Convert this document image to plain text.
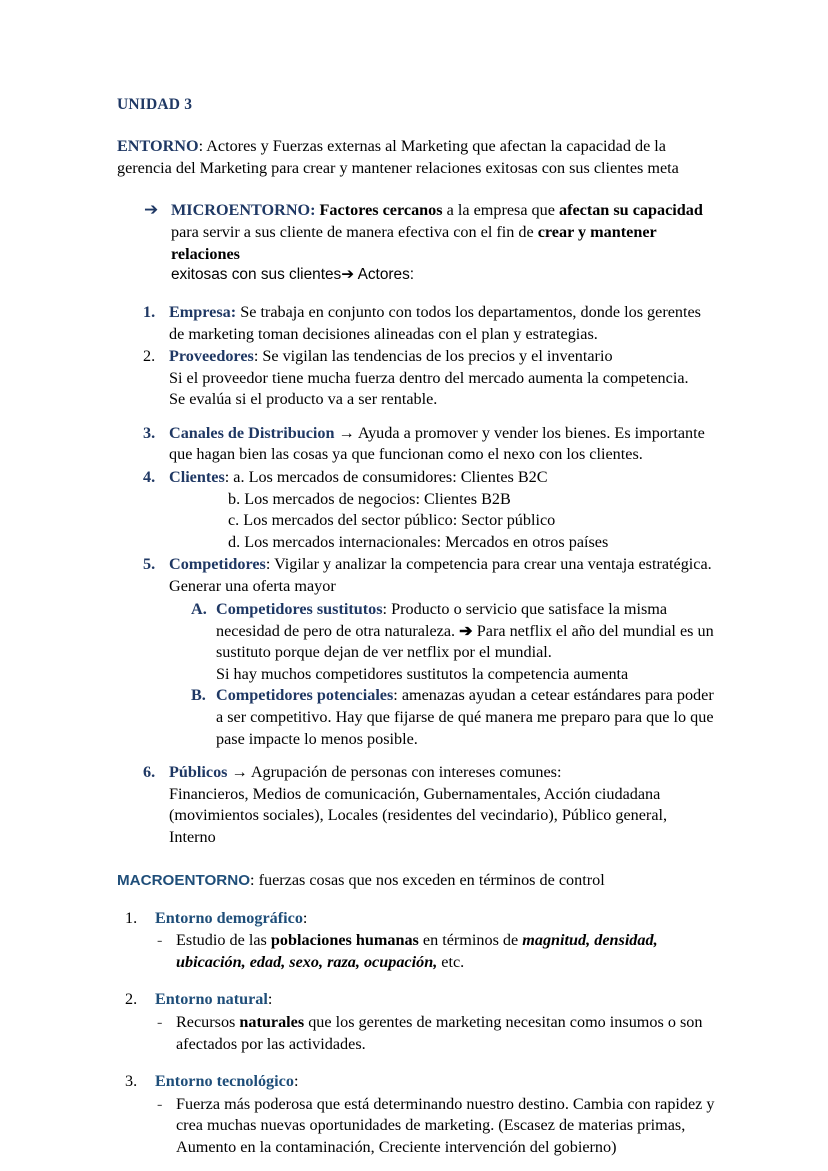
UNIDAD 3

ENTORNO: Actores y Fuerzas externas al Marketing que afectan la capacidad de la gerencia del Marketing para crear y mantener relaciones exitosas con sus clientes meta

➔ MICROENTORNO: Factores cercanos a la empresa que afectan su capacidad para servir a sus cliente de manera efectiva con el fin de crear y mantener relaciones
exitosas con sus clientes➔ Actores:
1. Empresa: Se trabaja en conjunto con todos los departamentos, donde los gerentes de marketing toman decisiones alineadas con el plan y estrategias.
2. Proveedores: Se vigilan las tendencias de los precios y el inventario
Si el proveedor tiene mucha fuerza dentro del mercado aumenta la competencia.
Se evalúa si el producto va a ser rentable.
3. Canales de Distribucion → Ayuda a promover y vender los bienes. Es importante que hagan bien las cosas ya que funcionan como el nexo con los clientes.
4. Clientes: a. Los mercados de consumidores: Clientes B2C
b. Los mercados de negocios: Clientes B2B
c. Los mercados del sector público: Sector público
d. Los mercados internacionales: Mercados en otros países
5. Competidores: Vigilar y analizar la competencia para crear una ventaja estratégica.
Generar una oferta mayor
A. Competidores sustitutos: Producto o servicio que satisface la misma necesidad de pero de otra naturaleza. ➔ Para netflix el año del mundial es un sustituto porque dejan de ver netflix por el mundial.
Si hay muchos competidores sustitutos la competencia aumenta
B. Competidores potenciales: amenazas ayudan a cetear estándares para poder a ser competitivo. Hay que fijarse de qué manera me preparo para que lo que pase impacte lo menos posible.
6. Públicos → Agrupación de personas con intereses comunes:
Financieros, Medios de comunicación, Gubernamentales, Acción ciudadana
(movimientos sociales), Locales (residentes del vecindario), Público general, Interno

MACROENTORNO: fuerzas cosas que nos exceden en términos de control

1. Entorno demográfico:
- Estudio de las poblaciones humanas en términos de magnitud, densidad, ubicación, edad, sexo, raza, ocupación, etc.
2. Entorno natural:
- Recursos naturales que los gerentes de marketing necesitan como insumos o son afectados por las actividades.
3. Entorno tecnológico:
- Fuerza más poderosa que está determinando nuestro destino. Cambia con rapidez y crea muchas nuevas oportunidades de marketing. (Escasez de materias primas, Aumento en la contaminación, Creciente intervención del gobierno)
